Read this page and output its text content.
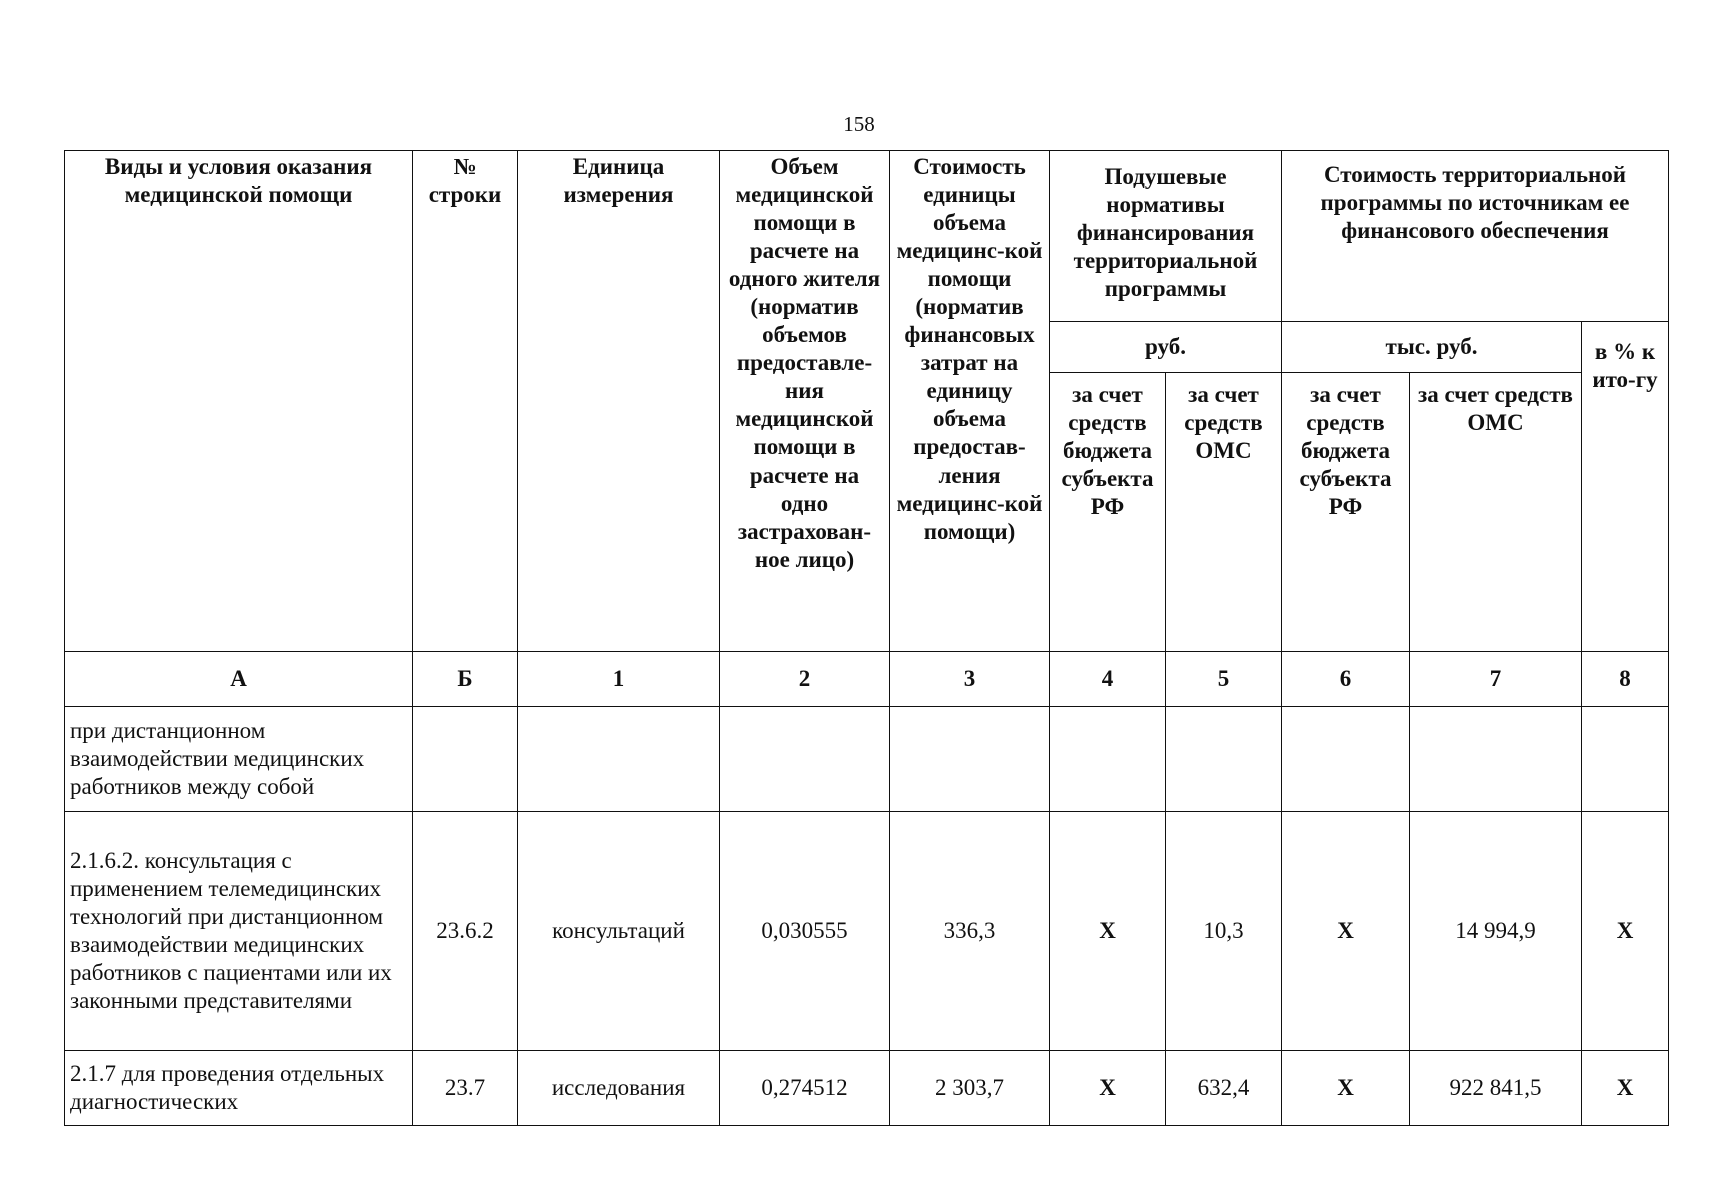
158
Виды и условия оказания медицинской помощи	№ строки	Единица измерения	Объем медицинской помощи в расчете на одного жителя (норматив объемов предоставле-ния медицинской помощи в расчете на одно застрахован-ное лицо)	Стоимость единицы объема медицинс-кой помощи (норматив финансовых затрат на единицу объема предостав-ления медицинс-кой помощи)	Подушевые нормативы финансирования территориальной программы		Стоимость территориальной программы по источникам ее финансового обеспечения		
					руб.		тыс. руб.		в % к ито-гу
					за счет средств бюджета субъекта РФ	за счет средств ОМС	за счет средств бюджета субъекта РФ	за счет средств ОМС	
А	Б	1	2	3	4	5	6	7	8
при дистанционном взаимодействии медицинских работников между собой									
2.1.6.2. консультация с применением телемедицинских технологий при дистанционном взаимодействии медицинских работников с пациентами или их законными представителями	23.6.2	консультаций	0,030555	336,3	X	10,3	X	14 994,9	X
2.1.7 для проведения отдельных диагностических	23.7	исследования	0,274512	2 303,7	X	632,4	X	922 841,5	X
